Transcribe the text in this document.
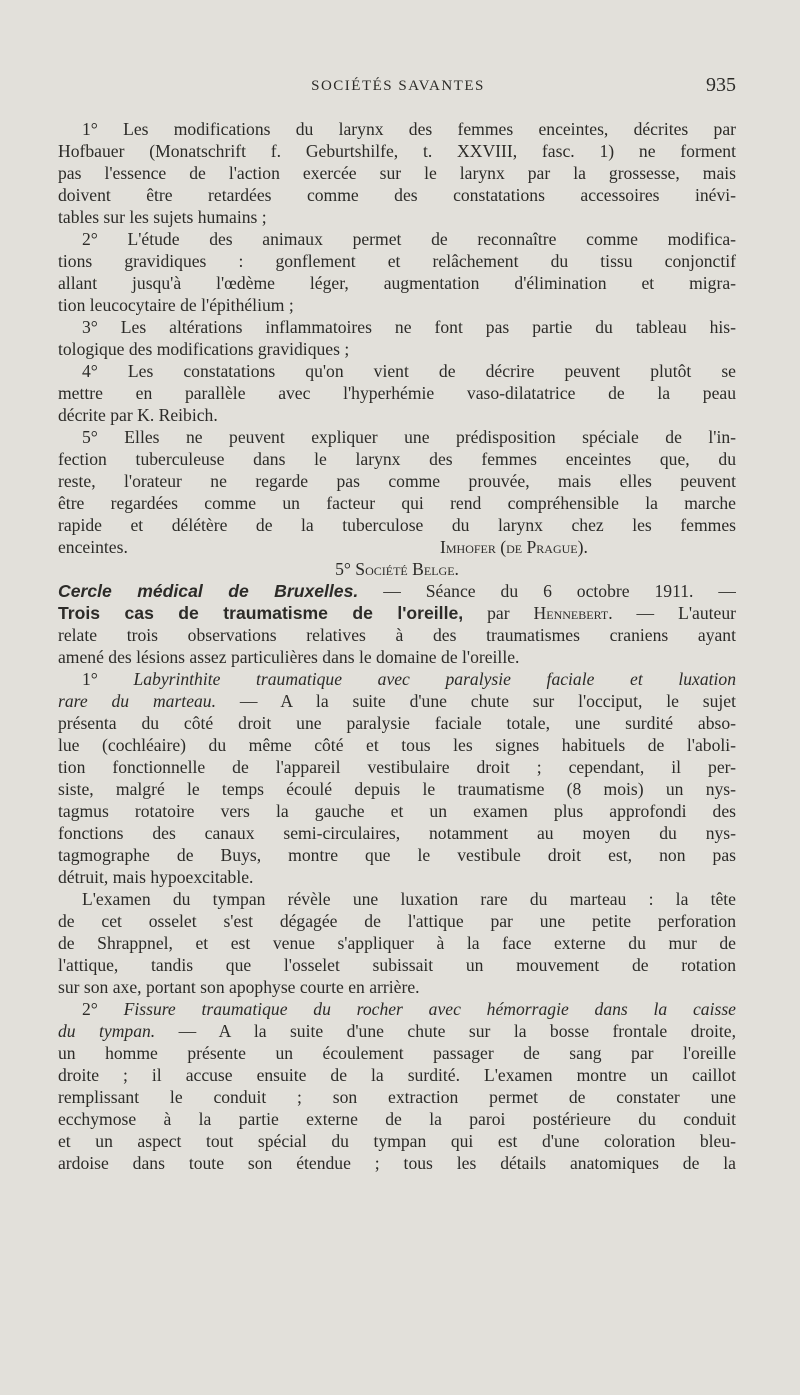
SOCIÉTÉS SAVANTES	935
1° Les modifications du larynx des femmes enceintes, décrites par
Hofbauer (Monatschrift f. Geburtshilfe, t. XXVIII, fasc. 1) ne forment
pas l'essence de l'action exercée sur le larynx par la grossesse, mais
doivent être retardées comme des constatations accessoires inévi-
tables sur les sujets humains ;
2° L'étude des animaux permet de reconnaître comme modifica-
tions gravidiques : gonflement et relâchement du tissu conjonctif
allant jusqu'à l'œdème léger, augmentation d'élimination et migra-
tion leucocytaire de l'épithélium ;
3° Les altérations inflammatoires ne font pas partie du tableau his-
tologique des modifications gravidiques ;
4° Les constatations qu'on vient de décrire peuvent plutôt se
mettre en parallèle avec l'hyperhémie vaso-dilatatrice de la peau
décrite par K. Reibich.
5° Elles ne peuvent expliquer une prédisposition spéciale de l'in-
fection tuberculeuse dans le larynx des femmes enceintes que, du
reste, l'orateur ne regarde pas comme prouvée, mais elles peuvent
être regardées comme un facteur qui rend compréhensible la marche
rapide et délétère de la tuberculose du larynx chez les femmes
enceintes.	Imhofer (de Prague).
5° Société Belge.
Cercle médical de Bruxelles. — Séance du 6 octobre 1911. —
Trois cas de traumatisme de l'oreille, par Hennebert. — L'auteur
relate trois observations relatives à des traumatismes craniens ayant
amené des lésions assez particulières dans le domaine de l'oreille.
1° Labyrinthite traumatique avec paralysie faciale et luxation
rare du marteau. — A la suite d'une chute sur l'occiput, le sujet
présenta du côté droit une paralysie faciale totale, une surdité abso-
lue (cochléaire) du même côté et tous les signes habituels de l'aboli-
tion fonctionnelle de l'appareil vestibulaire droit ; cependant, il per-
siste, malgré le temps écoulé depuis le traumatisme (8 mois) un nys-
tagmus rotatoire vers la gauche et un examen plus approfondi des
fonctions des canaux semi-circulaires, notamment au moyen du nys-
tagmographe de Buys, montre que le vestibule droit est, non pas
détruit, mais hypoexcitable.
L'examen du tympan révèle une luxation rare du marteau : la tête
de cet osselet s'est dégagée de l'attique par une petite perforation
de Shrappnel, et est venue s'appliquer à la face externe du mur de
l'attique, tandis que l'osselet subissait un mouvement de rotation
sur son axe, portant son apophyse courte en arrière.
2° Fissure traumatique du rocher avec hémorragie dans la caisse
du tympan. — A la suite d'une chute sur la bosse frontale droite,
un homme présente un écoulement passager de sang par l'oreille
droite ; il accuse ensuite de la surdité. L'examen montre un caillot
remplissant le conduit ; son extraction permet de constater une
ecchymose à la partie externe de la paroi postérieure du conduit
et un aspect tout spécial du tympan qui est d'une coloration bleu-
ardoise dans toute son étendue ; tous les détails anatomiques de la
